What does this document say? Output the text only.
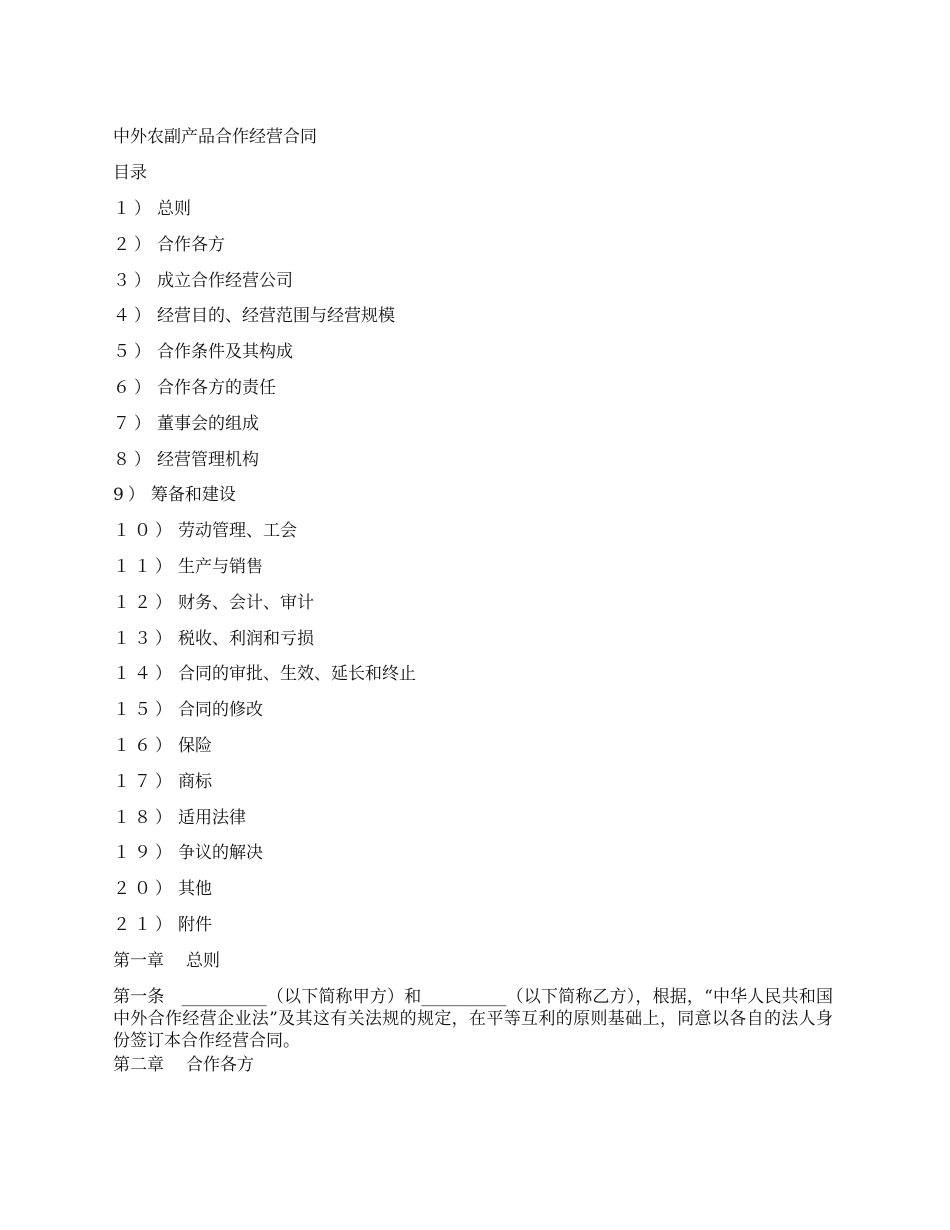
中外农副产品合作经营合同
目录
１） 总则
２） 合作各方
３） 成立合作经营公司
４） 经营目的、经营范围与经营规模
５） 合作条件及其构成
６） 合作各方的责任
７） 董事会的组成
８） 经营管理机构
9） 筹备和建设
１０） 劳动管理、工会
１１） 生产与销售
１２） 财务、会计、审计
１３） 税收、利润和亏损
１４） 合同的审批、生效、延长和终止
１５） 合同的修改
１６） 保险
１７） 商标
１８） 适用法律
１９） 争议的解决
２０） 其他
２１） 附件
第一章 总则
第一条　__________（以下简称甲方）和__________（以下简称乙方），根据，“中华人民共和国中外合作经营企业法”及其这有关法规的规定，在平等互利的原则基础上，同意以各自的法人身份签订本合作经营合同。
第二章 合作各方
